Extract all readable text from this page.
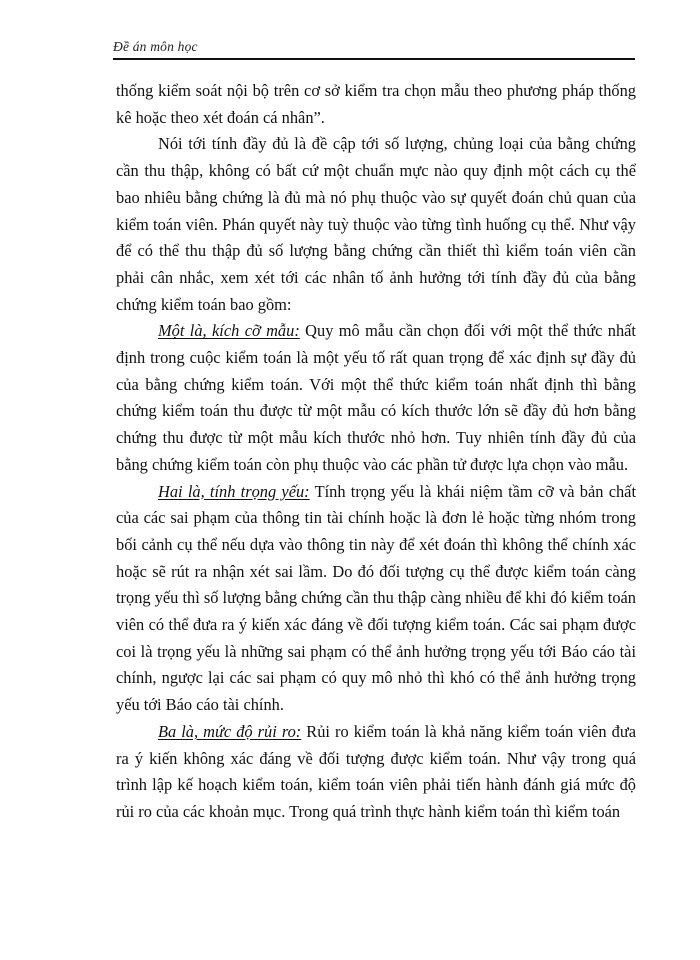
Đề án môn học

thống kiểm soát nội bộ trên cơ sở kiểm tra chọn mẫu theo phương pháp thống kê hoặc theo xét đoán cá nhân”.

Nói tới tính đầy đủ là đề cập tới số lượng, chủng loại của bằng chứng cần thu thập, không có bất cứ một chuẩn mực nào quy định một cách cụ thể bao nhiêu bằng chứng là đủ mà nó phụ thuộc vào sự quyết đoán chủ quan của kiểm toán viên. Phán quyết này tuỳ thuộc vào từng tình huống cụ thể. Như vậy để có thể thu thập đủ số lượng bằng chứng cần thiết thì kiểm toán viên cần phải cân nhắc, xem xét tới các nhân tố ảnh hưởng tới tính đầy đủ của bằng chứng kiểm toán bao gồm:

Một là, kích cỡ mẫu: Quy mô mẫu cần chọn đối với một thể thức nhất định trong cuộc kiểm toán là một yếu tố rất quan trọng để xác định sự đầy đủ của bằng chứng kiểm toán. Với một thể thức kiểm toán nhất định thì bằng chứng kiểm toán thu được từ một mẫu có kích thước lớn sẽ đầy đủ hơn bằng chứng thu được từ một mẫu kích thước nhỏ hơn. Tuy nhiên tính đầy đủ của bằng chứng kiểm toán còn phụ thuộc vào các phần tử được lựa chọn vào mẫu.

Hai là, tính trọng yếu: Tính trọng yếu là khái niệm tầm cỡ và bản chất của các sai phạm của thông tin tài chính hoặc là đơn lẻ hoặc từng nhóm trong bối cảnh cụ thể nếu dựa vào thông tin này để xét đoán thì không thể chính xác hoặc sẽ rút ra nhận xét sai lầm. Do đó đối tượng cụ thể được kiểm toán càng trọng yếu thì số lượng bằng chứng cần thu thập càng nhiều để khi đó kiểm toán viên có thể đưa ra ý kiến xác đáng về đối tượng kiểm toán. Các sai phạm được coi là trọng yếu là những sai phạm có thể ảnh hưởng trọng yếu tới Báo cáo tài chính, ngược lại các sai phạm có quy mô nhỏ thì khó có thể ảnh hưởng trọng yếu tới Báo cáo tài chính.

Ba là, mức độ rủi ro: Rủi ro kiểm toán là khả năng kiểm toán viên đưa ra ý kiến không xác đáng về đối tượng được kiểm toán. Như vậy trong quá trình lập kế hoạch kiểm toán, kiểm toán viên phải tiến hành đánh giá mức độ rủi ro của các khoản mục. Trong quá trình thực hành kiểm toán thì kiểm toán
